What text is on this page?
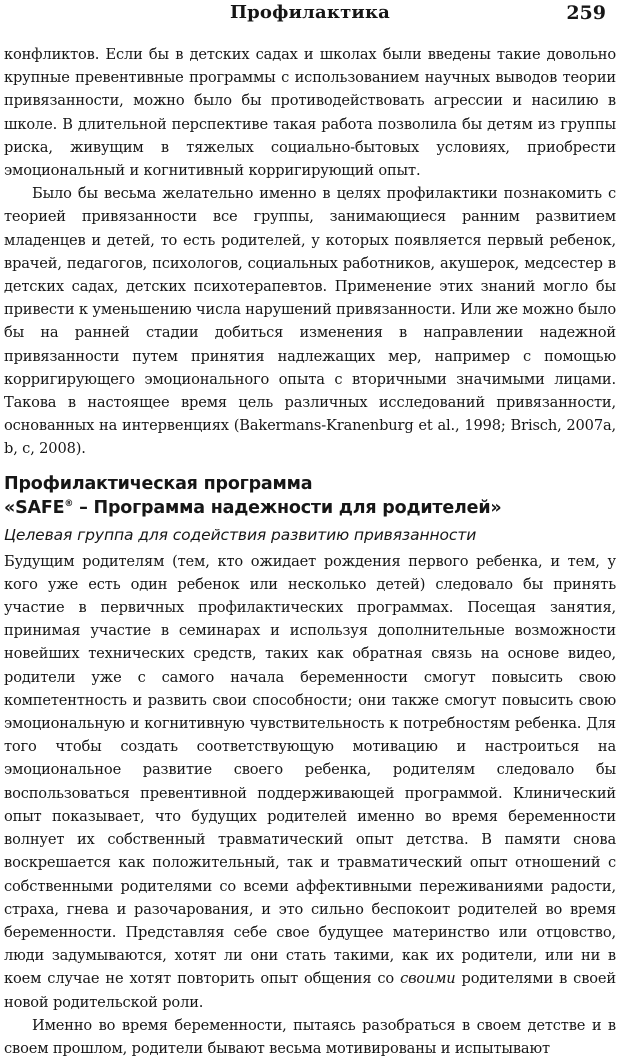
Профилактика	259

конфликтов. Если бы в детских садах и школах были введены такие довольно крупные превентивные программы с использованием научных выводов теории привязанности, можно было бы противодействовать агрессии и насилию в школе. В длительной перспективе такая работа позволила бы детям из группы риска, живущим в тяжелых социально-бытовых условиях, приобрести эмоциональный и когнитивный корригирующий опыт.

Было бы весьма желательно именно в целях профилактики познакомить с теорией привязанности все группы, занимающиеся ранним развитием младенцев и детей, то есть родителей, у которых появляется первый ребенок, врачей, педагогов, психологов, социальных работников, акушерок, медсестер в детских садах, детских психотерапевтов. Применение этих знаний могло бы привести к уменьшению числа нарушений привязанности. Или же можно было бы на ранней стадии добиться изменения в направлении надежной привязанности путем принятия надлежащих мер, например с помощью корригирующего эмоционального опыта с вторичными значимыми лицами. Такова в настоящее время цель различных исследований привязанности, основанных на интервенциях (Bakermans-Kranenburg et al., 1998; Brisch, 2007a, b, c, 2008).

Профилактическая программа
«SAFE® – Программа надежности для родителей»
Целевая группа для содействия развитию привязанности

Будущим родителям (тем, кто ожидает рождения первого ребенка, и тем, у кого уже есть один ребенок или несколько детей) следовало бы принять участие в первичных профилактических программах. Посещая занятия, принимая участие в семинарах и используя дополнительные возможности новейших технических средств, таких как обратная связь на основе видео, родители уже с самого начала беременности смогут повысить свою компетентность и развить свои способности; они также смогут повысить свою эмоциональную и когнитивную чувствительность к потребностям ребенка. Для того чтобы создать соответствующую мотивацию и настроиться на эмоциональное развитие своего ребенка, родителям следовало бы воспользоваться превентивной поддерживающей программой. Клинический опыт показывает, что будущих родителей именно во время беременности волнует их собственный травматический опыт детства. В памяти снова воскрешается как положительный, так и травматический опыт отношений с собственными родителями со всеми аффективными переживаниями радости, страха, гнева и разочарования, и это сильно беспокоит родителей во время беременности. Представляя себе свое будущее материнство или отцовство, люди задумываются, хотят ли они стать такими, как их родители, или ни в коем случае не хотят повторить опыт общения со своими родителями в своей новой родительской роли.

Именно во время беременности, пытаясь разобраться в своем детстве и в своем прошлом, родители бывают весьма мотивированы и испытывают
